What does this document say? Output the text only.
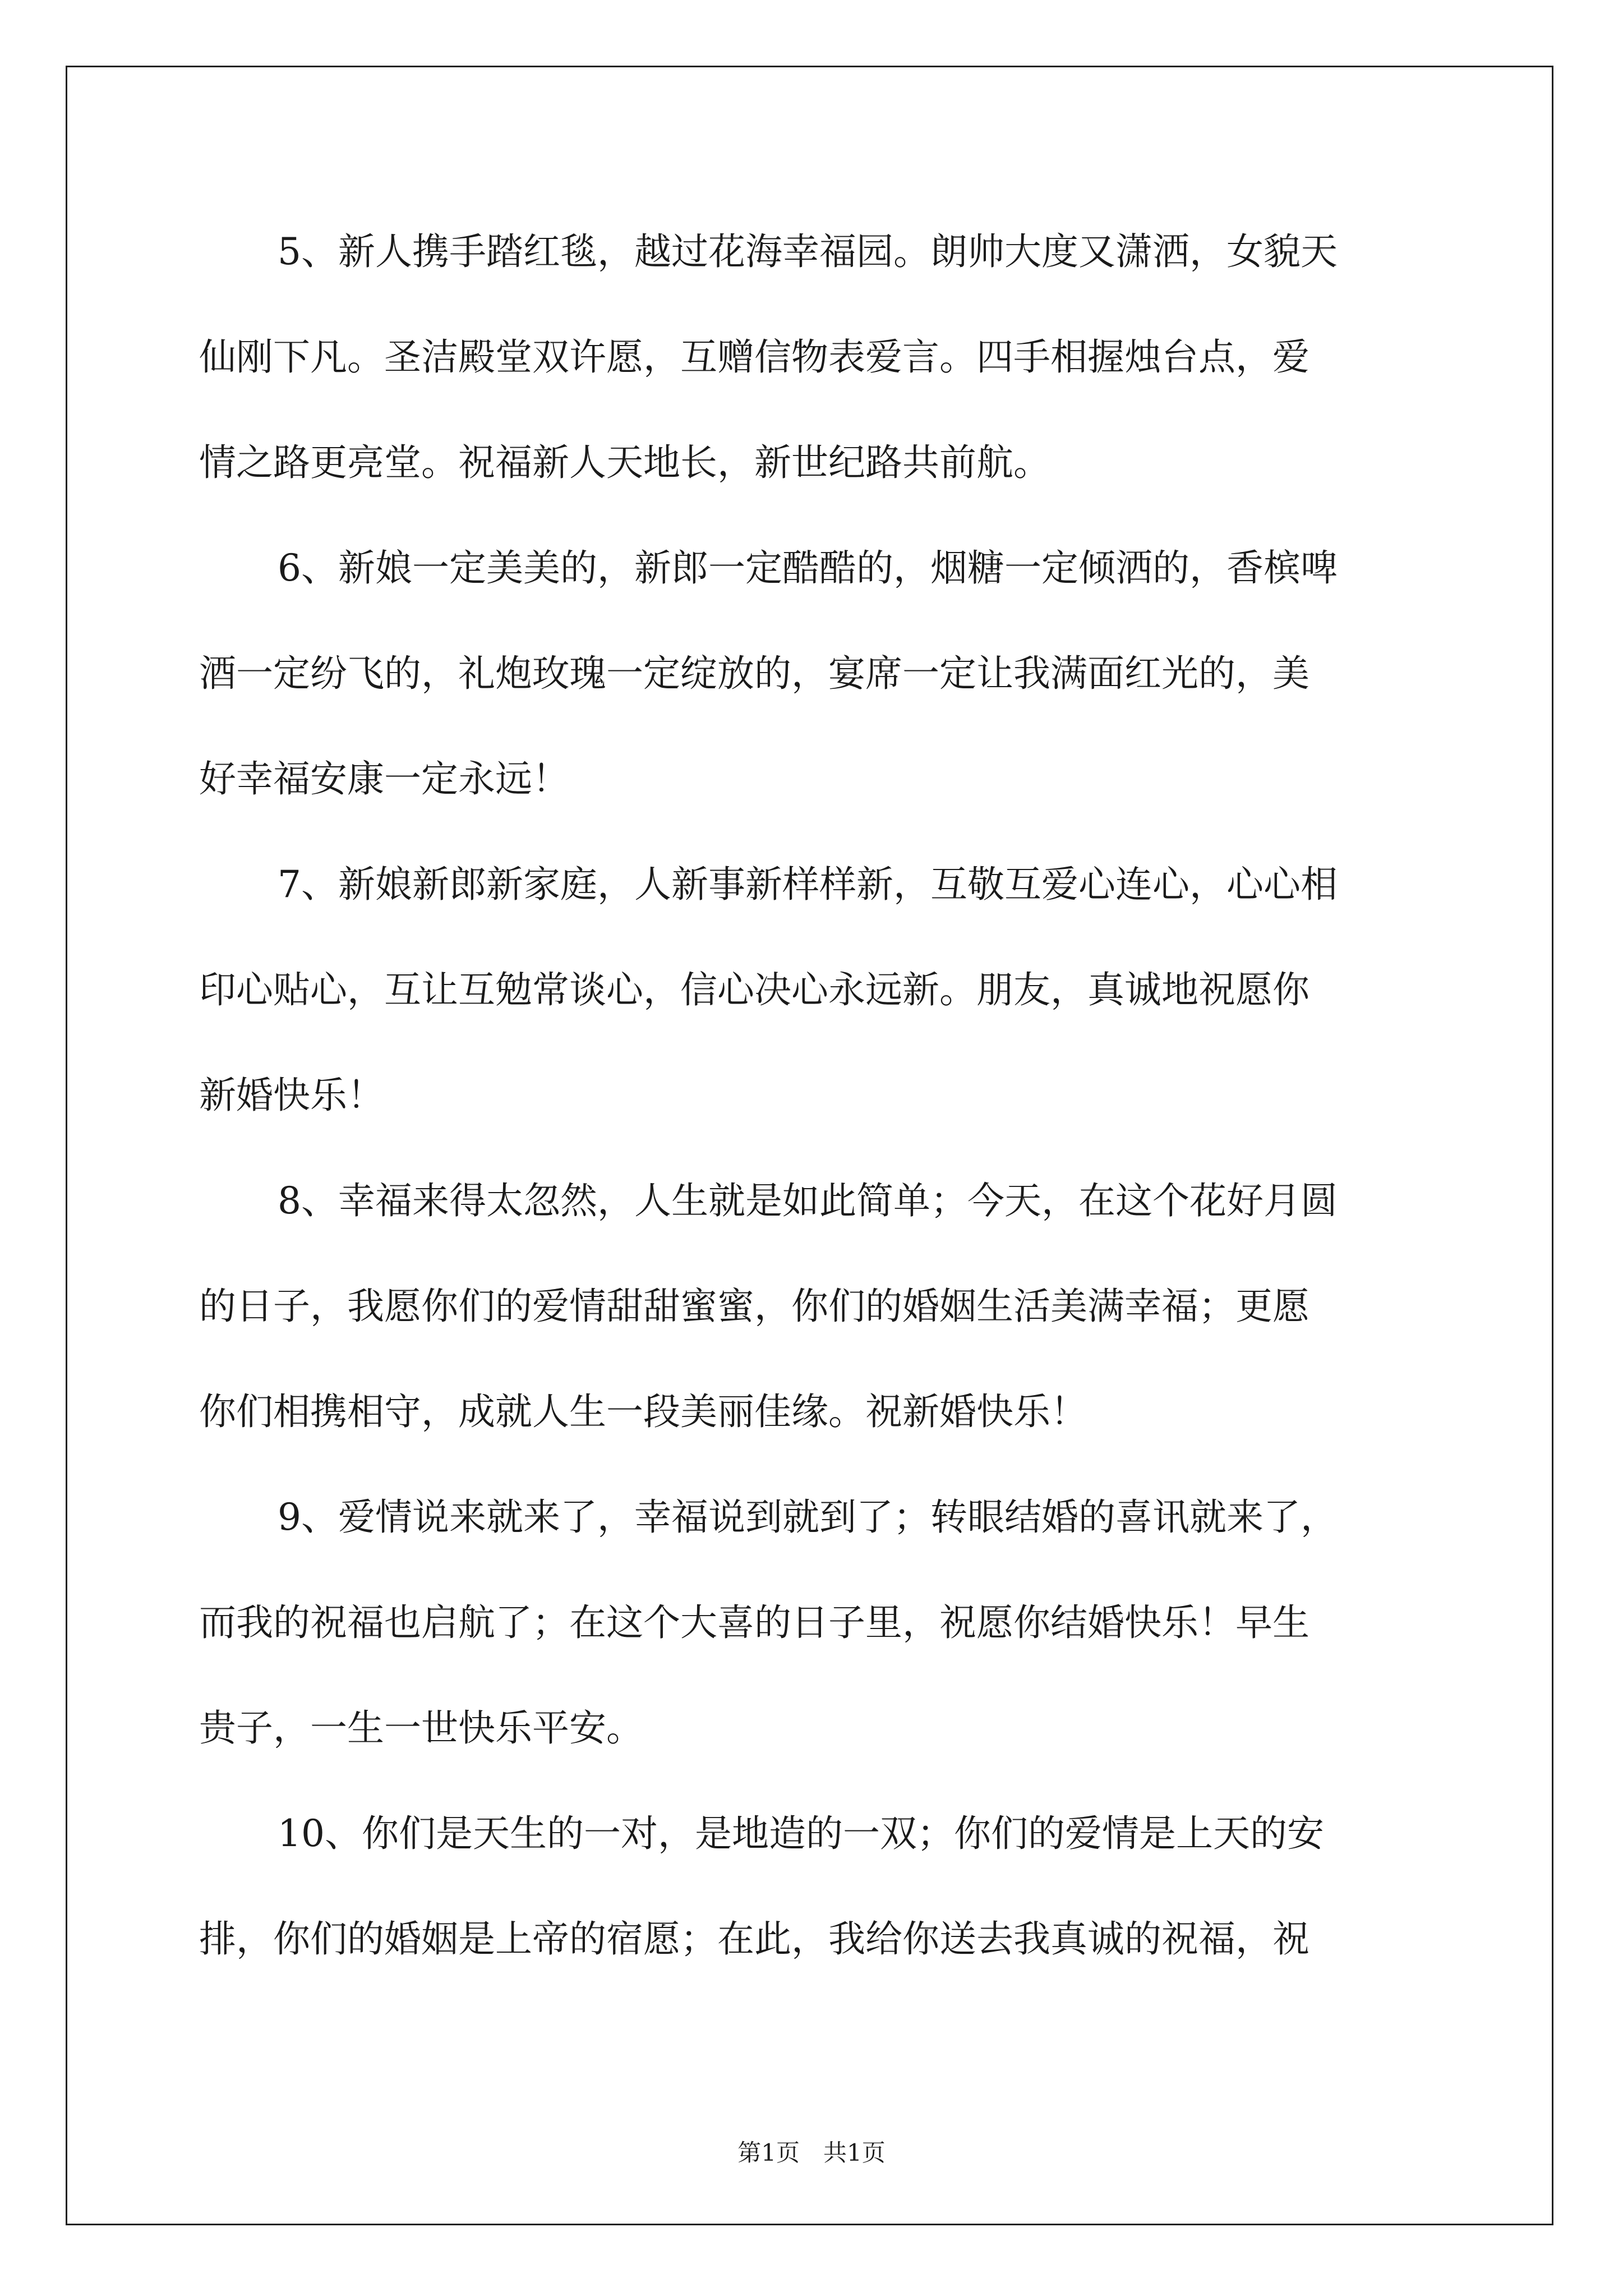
5、新人携手踏红毯，越过花海幸福园。朗帅大度又潇洒，女貌天
仙刚下凡。圣洁殿堂双许愿，互赠信物表爱言。四手相握烛台点，爱
情之路更亮堂。祝福新人天地长，新世纪路共前航。

6、新娘一定美美的，新郎一定酷酷的，烟糖一定倾洒的，香槟啤
酒一定纷飞的，礼炮玫瑰一定绽放的，宴席一定让我满面红光的，美
好幸福安康一定永远！

7、新娘新郎新家庭，人新事新样样新，互敬互爱心连心，心心相
印心贴心，互让互勉常谈心，信心决心永远新。朋友，真诚地祝愿你
新婚快乐！

8、幸福来得太忽然，人生就是如此简单；今天，在这个花好月圆
的日子，我愿你们的爱情甜甜蜜蜜，你们的婚姻生活美满幸福；更愿
你们相携相守，成就人生一段美丽佳缘。祝新婚快乐！

9、爱情说来就来了，幸福说到就到了；转眼结婚的喜讯就来了，
而我的祝福也启航了；在这个大喜的日子里，祝愿你结婚快乐！早生
贵子，一生一世快乐平安。

10、你们是天生的一对，是地造的一双；你们的爱情是上天的安
排，你们的婚姻是上帝的宿愿；在此，我给你送去我真诚的祝福，祝

第1页　共1页
